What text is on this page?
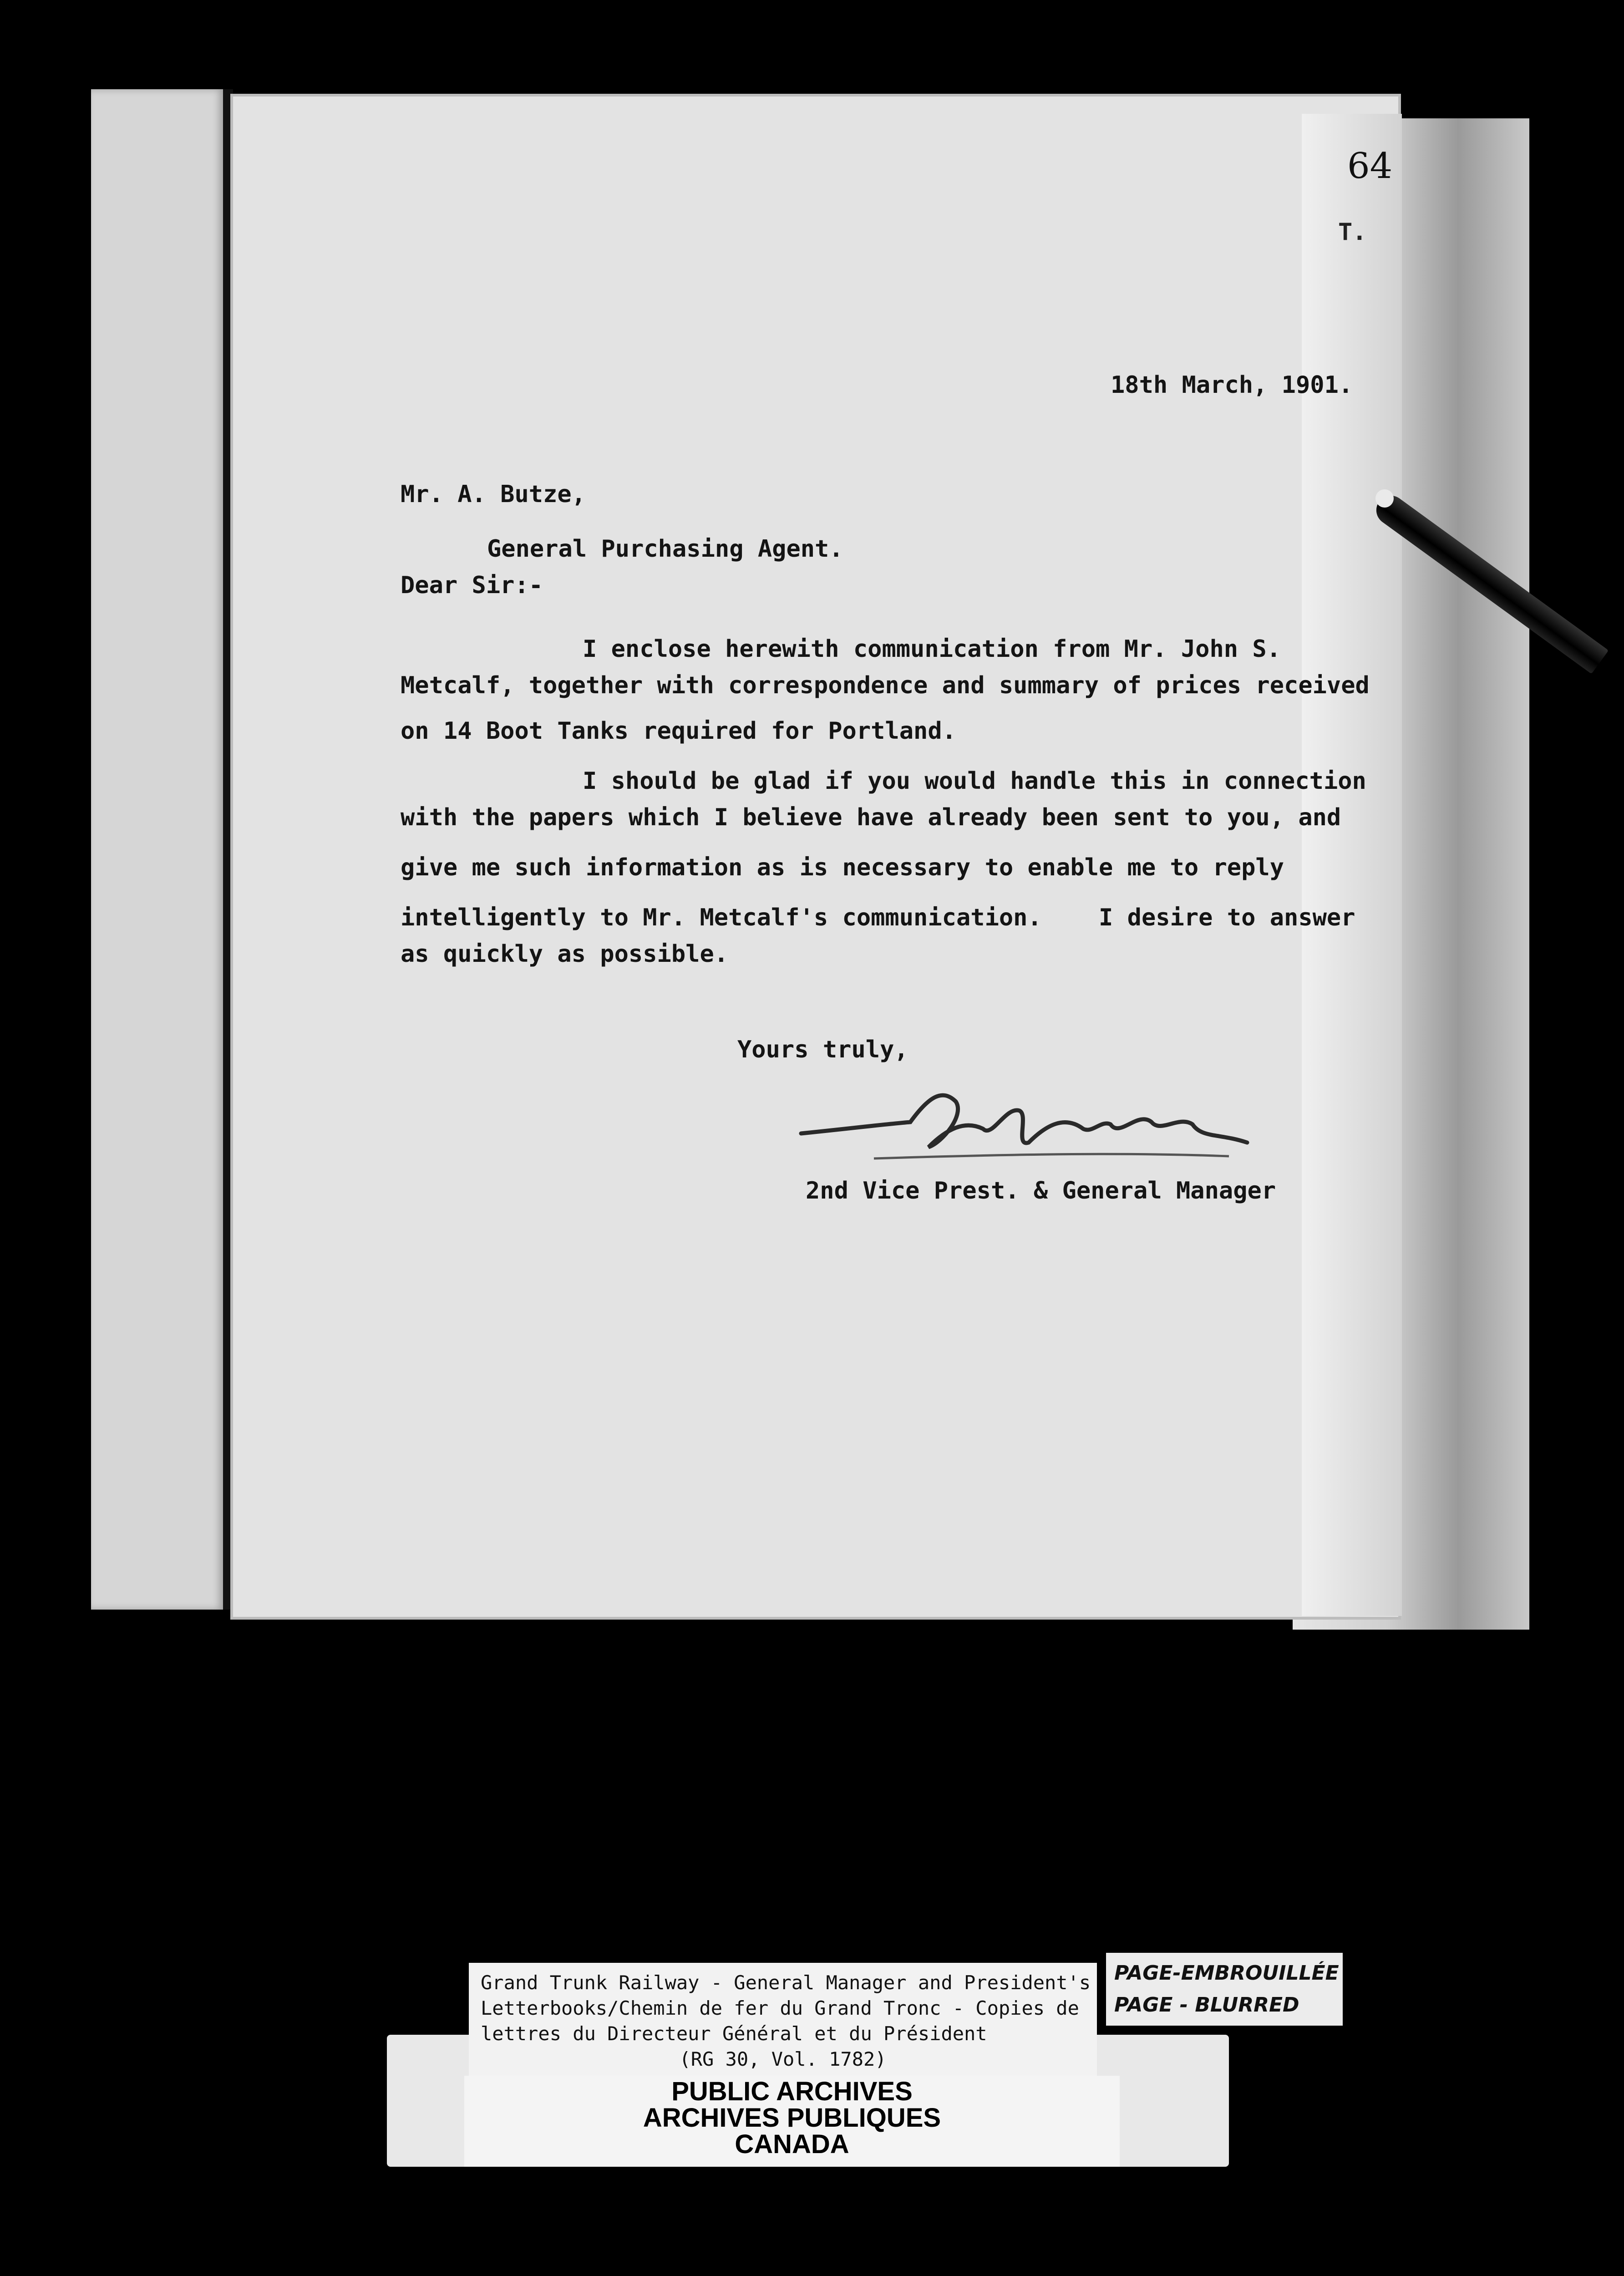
64
T.
18th March, 1901.
Mr. A. Butze,
General Purchasing Agent.
Dear Sir:-
I enclose herewith communication from Mr. John S.
Metcalf, together with correspondence and summary of prices received
on 14 Boot Tanks required for Portland.
I should be glad if you would handle this in connection
with the papers which I believe have already been sent to you, and
give me such information as is necessary to enable me to reply
intelligently to Mr. Metcalf's communication.    I desire to answer
as quickly as possible.
Yours truly,
2nd Vice Prest. & General Manager
Grand Trunk Railway - General Manager and President's
Letterbooks/Chemin de fer du Grand Tronc - Copies de
lettres du Directeur Général et du Président
(RG 30, Vol. 1782)
PAGE-EMBROUILLÉE
PAGE - BLURRED
PUBLIC ARCHIVES
ARCHIVES PUBLIQUES
CANADA
